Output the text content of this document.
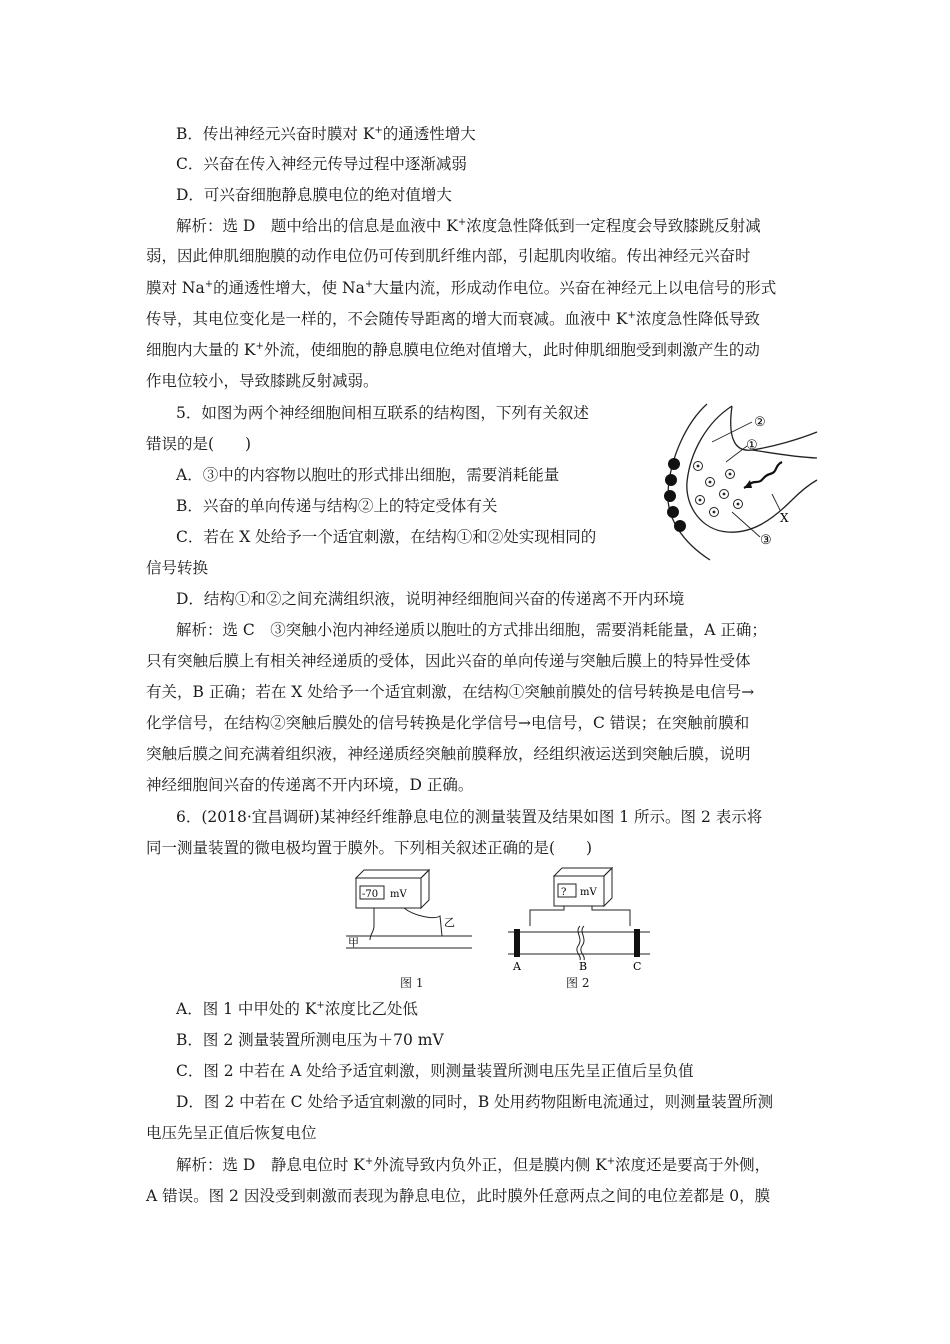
B．传出神经元兴奋时膜对 K+的通透性增大
C．兴奋在传入神经元传导过程中逐渐减弱
D．可兴奋细胞静息膜电位的绝对值增大
解析：选 D　题中给出的信息是血液中 K+浓度急性降低到一定程度会导致膝跳反射减
弱，因此伸肌细胞膜的动作电位仍可传到肌纤维内部，引起肌肉收缩。传出神经元兴奋时
膜对 Na+的通透性增大，使 Na+大量内流，形成动作电位。兴奋在神经元上以电信号的形式
传导，其电位变化是一样的，不会随传导距离的增大而衰减。血液中 K+浓度急性降低导致
细胞内大量的 K+外流，使细胞的静息膜电位绝对值增大，此时伸肌细胞受到刺激产生的动
作电位较小，导致膝跳反射减弱。
5．如图为两个神经细胞间相互联系的结构图，下列有关叙述
错误的是(　　)
A．③中的内容物以胞吐的形式排出细胞，需要消耗能量
B．兴奋的单向传递与结构②上的特定受体有关
C．若在 X 处给予一个适宜刺激，在结构①和②处实现相同的
信号转换
D．结构①和②之间充满组织液，说明神经细胞间兴奋的传递离不开内环境
解析：选 C　③突触小泡内神经递质以胞吐的方式排出细胞，需要消耗能量，A 正确；
只有突触后膜上有相关神经递质的受体，因此兴奋的单向传递与突触后膜上的特异性受体
有关，B 正确；若在 X 处给予一个适宜刺激，在结构①突触前膜处的信号转换是电信号→
化学信号，在结构②突触后膜处的信号转换是化学信号→电信号，C 错误；在突触前膜和
突触后膜之间充满着组织液，神经递质经突触前膜释放，经组织液运送到突触后膜，说明
神经细胞间兴奋的传递离不开内环境，D 正确。
②
①
X
③
6．(2018·宜昌调研)某神经纤维静息电位的测量装置及结果如图 1 所示。图 2 表示将
同一测量装置的微电极均置于膜外。下列相关叙述正确的是(　　)
-70 mV
甲
乙
图 1
? mV
A	B	C
图 2
A．图 1 中甲处的 K+浓度比乙处低
B．图 2 测量装置所测电压为＋70 mV
C．图 2 中若在 A 处给予适宜刺激，则测量装置所测电压先呈正值后呈负值
D．图 2 中若在 C 处给予适宜刺激的同时，B 处用药物阻断电流通过，则测量装置所测
电压先呈正值后恢复电位
解析：选 D　静息电位时 K+外流导致内负外正，但是膜内侧 K+浓度还是要高于外侧，
A 错误。图 2 因没受到刺激而表现为静息电位，此时膜外任意两点之间的电位差都是 0，膜
